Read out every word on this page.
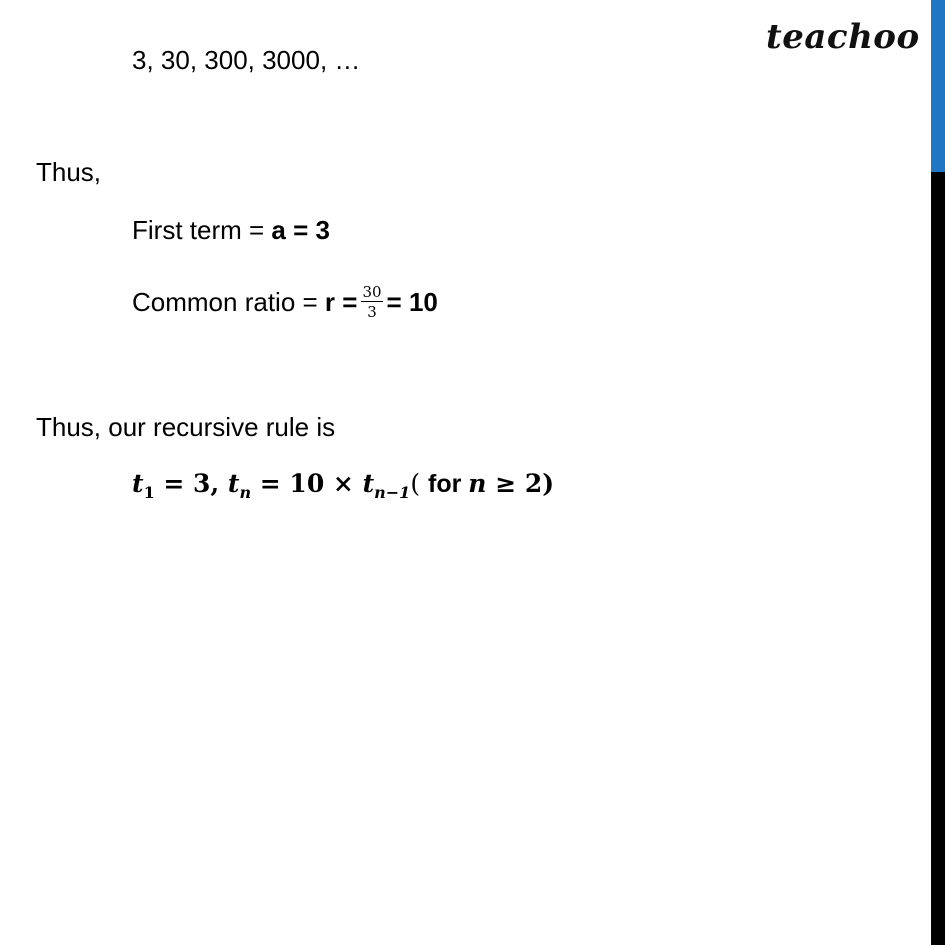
teachoo
3, 30, 300, 3000, …
Thus,
First term = a = 3
Common ratio = $r = \frac{30}{3} = 10$
Thus, our recursive rule is
$t_1 = 3$, $t_n = 10 \times t_{n-1}$( for n ≥ 2)
